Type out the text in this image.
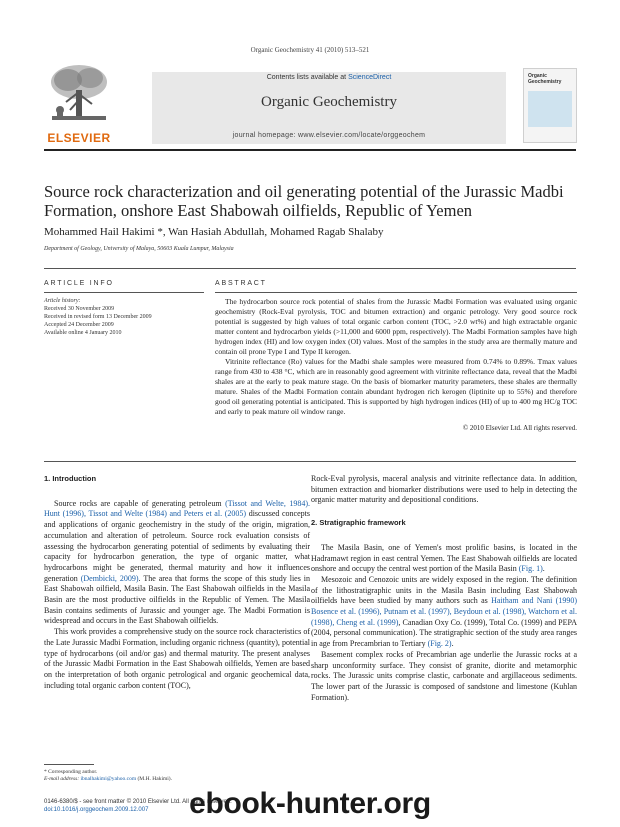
Organic Geochemistry 41 (2010) 513–521
ELSEVIER
Contents lists available at ScienceDirect
Organic Geochemistry
journal homepage: www.elsevier.com/locate/orggeochem
Organic Geochemistry
Source rock characterization and oil generating potential of the Jurassic Madbi Formation, onshore East Shabowah oilfields, Republic of Yemen
Mohammed Hail Hakimi *, Wan Hasiah Abdullah, Mohamed Ragab Shalaby
Department of Geology, University of Malaya, 50603 Kuala Lumpur, Malaysia
ARTICLE INFO	ABSTRACT
Article history:
Received 30 November 2009
Received in revised form 13 December 2009
Accepted 24 December 2009
Available online 4 January 2010

The hydrocarbon source rock potential of shales from the Jurassic Madbi Formation was evaluated using organic geochemistry (Rock-Eval pyrolysis, TOC and bitumen extraction) and organic petrology. Very good source rock potential is suggested by high values of total organic carbon content (TOC, >2.0 wt%) and high extractable organic matter content and hydrocarbon yields (>11,000 and 6000 ppm, respectively). The Madbi Formation samples have high hydrogen index (HI) and low oxygen index (OI) values. Most of the samples in the study area are thermally mature and contain oil prone Type I and Type II kerogen.

Vitrinite reflectance (Ro) values for the Madbi shale samples were measured from 0.74% to 0.89%. Tmax values range from 430 to 438 °C, which are in reasonably good agreement with vitrinite reflectance data, reveal that the Madbi shales are at the early to peak mature stage. On the basis of biomarker maturity parameters, these shales are thermally mature. Shales of the Madbi Formation contain abundant hydrogen rich kerogen (liptinite up to 55%) and therefore good oil generating potential is anticipated. This is supported by high hydrogen indices (HI) of up to 400 mg HC/g TOC and early to peak mature oil window range.

© 2010 Elsevier Ltd. All rights reserved.

1. Introduction

Source rocks are capable of generating petroleum (Tissot and Welte, 1984). Hunt (1996), Tissot and Welte (1984) and Peters et al. (2005) discussed concepts and applications of organic geochemistry in the study of the origin, migration, accumulation and alteration of petroleum. Source rock evaluation consists of assessing the hydrocarbon generating potential of sediments by evaluating their capacity for hydrocarbon generation, the type of organic matter, what hydrocarbons might be generated, thermal maturity and how it influences generation (Dembicki, 2009). The area that forms the scope of this study lies in East Shabowah oilfield, Masila Basin. The East Shabowah oilfields in the Masila Basin are the most productive oilfields in the Republic of Yemen. The Masila Basin contains sediments of Jurassic and younger age. The Madbi Formation is widespread and occurs in the East Shabowah oilfields.

This work provides a comprehensive study on the source rock characteristics of the Late Jurassic Madbi Formation, including organic richness (quantity), potential type of hydrocarbons (oil and/or gas) and thermal maturity. The present analyses of the Jurassic Madbi Formation in the East Shabowah oilfields, Yemen are based on the interpretation of both organic petrological and organic geochemical data, including total organic carbon content (TOC),

Rock-Eval pyrolysis, maceral analysis and vitrinite reflectance data. In addition, bitumen extraction and biomarker distributions were used to help in detecting the organic matter maturity and depositional conditions.

2. Stratigraphic framework

The Masila Basin, one of Yemen's most prolific basins, is located in the Hadramawt region in east central Yemen. The East Shabowah oilfields are located onshore and occupy the central west portion of the Masila Basin (Fig. 1).

Mesozoic and Cenozoic units are widely exposed in the region. The definition of the lithostratigraphic units in the Masila Basin including East Shabowah oilfields have been studied by many authors such as Haitham and Nani (1990) Bosence et al. (1996), Putnam et al. (1997), Beydoun et al. (1998), Watchorn et al. (1998), Cheng et al. (1999), Canadian Oxy Co. (1999), Total Co. (1999) and PEPA (2004, personal communication). The stratigraphic section of the study area ranges in age from Precambrian to Tertiary (Fig. 2).

Basement complex rocks of Precambrian age underlie the Jurassic rocks at a sharp unconformity surface. They consist of granite, diorite and metamorphic rocks. The Jurassic units comprise clastic, carbonate and argillaceous sediments. The lower part of the Jurassic is composed of sandstone and limestone (Kuhlan Formation).

* Corresponding author.
E-mail address: ibnalhakimi@yahoo.com (M.H. Hakimi).
0146-6380/$ - see front matter © 2010 Elsevier Ltd. All rights reserved.
doi:10.1016/j.orggeochem.2009.12.007	ebook-hunter.org
